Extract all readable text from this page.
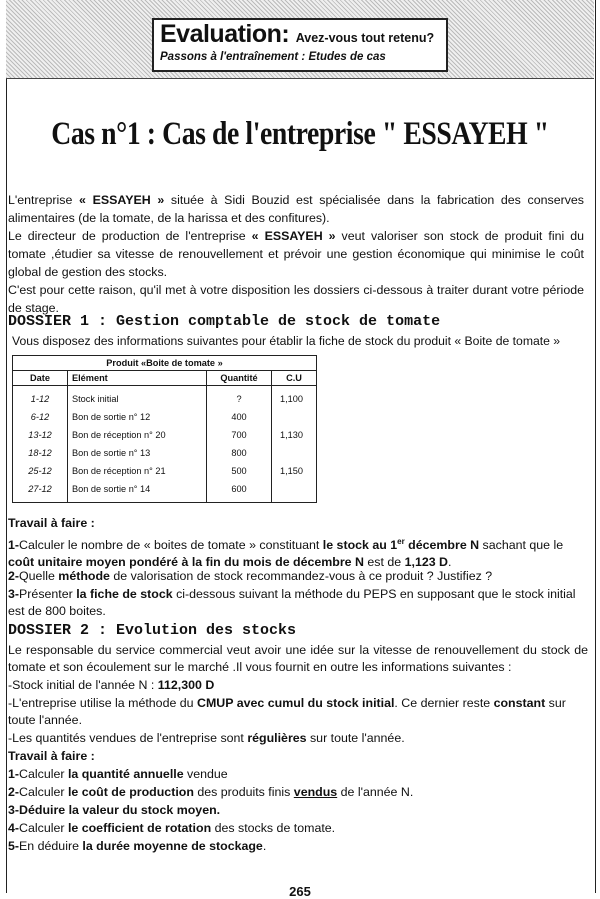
Evaluation: Avez-vous tout retenu?
Passons à l'entraînement : Etudes de cas
Cas n°1 : Cas de l'entreprise " ESSAYEH "

L'entreprise « ESSAYEH » située à Sidi Bouzid est spécialisée dans la fabrication des conserves alimentaires (de la tomate, de la harissa et des confitures).

Le directeur de production de l'entreprise « ESSAYEH » veut valoriser son stock de produit fini du tomate ,étudier sa vitesse de renouvellement et prévoir une gestion économique qui minimise le coût global de gestion des stocks.

C'est pour cette raison, qu'il met à votre disposition les dossiers ci-dessous à traiter durant votre période de stage.

DOSSIER 1 : Gestion comptable de stock de tomate
Vous disposez des informations suivantes pour établir la fiche de stock du produit « Boite de tomate »
Produit «Boite de tomate »			
Date	Elément	Quantité	C.U
1-12	Stock initial	?	1,100
6-12	Bon de sortie n° 12	400	
13-12	Bon de réception n° 20	700	1,130
18-12	Bon de sortie n° 13	800	
25-12	Bon de réception n° 21	500	1,150
27-12	Bon de sortie n° 14	600	

Travail à faire :

1-Calculer le nombre de « boites de tomate » constituant le stock au 1er décembre N sachant que le coût unitaire moyen pondéré à la fin du mois de décembre N est de 1,123 D.

2-Quelle méthode de valorisation de stock recommandez-vous à ce produit ? Justifiez ?

3-Présenter la fiche de stock ci-dessous suivant la méthode du PEPS en supposant que le stock initial est de 800 boites.

DOSSIER 2 : Evolution des stocks

Le responsable du service commercial veut avoir une idée sur la vitesse de renouvellement du stock de tomate et son écoulement sur le marché .Il vous fournit en outre les informations suivantes :

-Stock initial de l'année N : 112,300 D

-L'entreprise utilise la méthode du CMUP avec cumul du stock initial. Ce dernier reste constant sur toute l'année.

-Les quantités vendues de l'entreprise sont régulières sur toute l'année.

Travail à faire :

1-Calculer la quantité annuelle vendue

2-Calculer le coût de production des produits finis vendus de l'année N.

3-Déduire la valeur du stock moyen.

4-Calculer le coefficient de rotation des stocks de tomate.

5-En déduire la durée moyenne de stockage.

265
